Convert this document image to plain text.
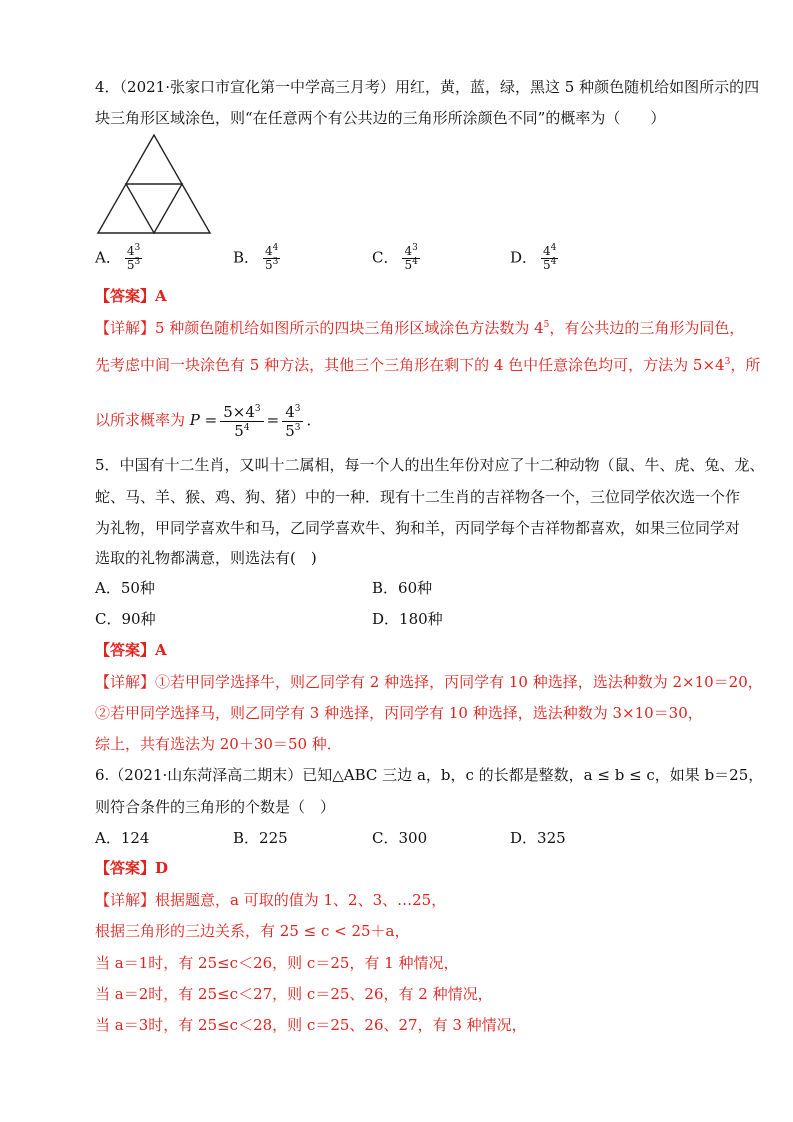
4．（2021·张家口市宣化第一中学高三月考）用红，黄，蓝，绿，黑这 5 种颜色随机给如图所示的四
块三角形区域涂色，则“在任意两个有公共边的三角形所涂颜色不同”的概率为（　　）
A． $\frac{4^3}{5^3}$	B． $\frac{4^4}{5^3}$	C． $\frac{4^3}{5^4}$	D． $\frac{4^4}{5^4}$
【答案】A
【详解】5 种颜色随机给如图所示的四块三角形区域涂色方法数为 $4^5$，有公共边的三角形为同色，
先考虑中间一块涂色有 5 种方法，其他三个三角形在剩下的 4 色中任意涂色均可，方法为 $5\times 4^3$，所
以所求概率为 $P = \frac{5\times 4^3}{5^4} = \frac{4^3}{5^3}$ ．
5．中国有十二生肖，又叫十二属相，每一个人的出生年份对应了十二种动物（鼠、牛、虎、兔、龙、
蛇、马、羊、猴、鸡、狗、猪）中的一种．现有十二生肖的吉祥物各一个，三位同学依次选一个作
为礼物，甲同学喜欢牛和马，乙同学喜欢牛、狗和羊，丙同学每个吉祥物都喜欢，如果三位同学对
选取的礼物都满意，则选法有(　)
A．50种	B．60种
C．90种	D．180种
【答案】A
【详解】①若甲同学选择牛，则乙同学有 2 种选择，丙同学有 10 种选择，选法种数为 2×10＝20，
②若甲同学选择马，则乙同学有 3 种选择，丙同学有 10 种选择，选法种数为 3×10＝30，
综上，共有选法为 20＋30＝50 种．
6.（2021·山东菏泽高二期末）已知△ABC 三边 a，b，c 的长都是整数，a ≤ b ≤ c，如果 b＝25，
则符合条件的三角形的个数是（　）
A．124	B．225	C．300	D．325
【答案】D
【详解】根据题意，a 可取的值为 1、2、3、…25，
根据三角形的三边关系，有 25 ≤ c < 25＋a，
当 a＝1时，有 25≤c＜26，则 c＝25，有 1 种情况，
当 a＝2时，有 25≤c＜27，则 c＝25、26，有 2 种情况，
当 a＝3时，有 25≤c＜28，则 c＝25、26、27，有 3 种情况，
